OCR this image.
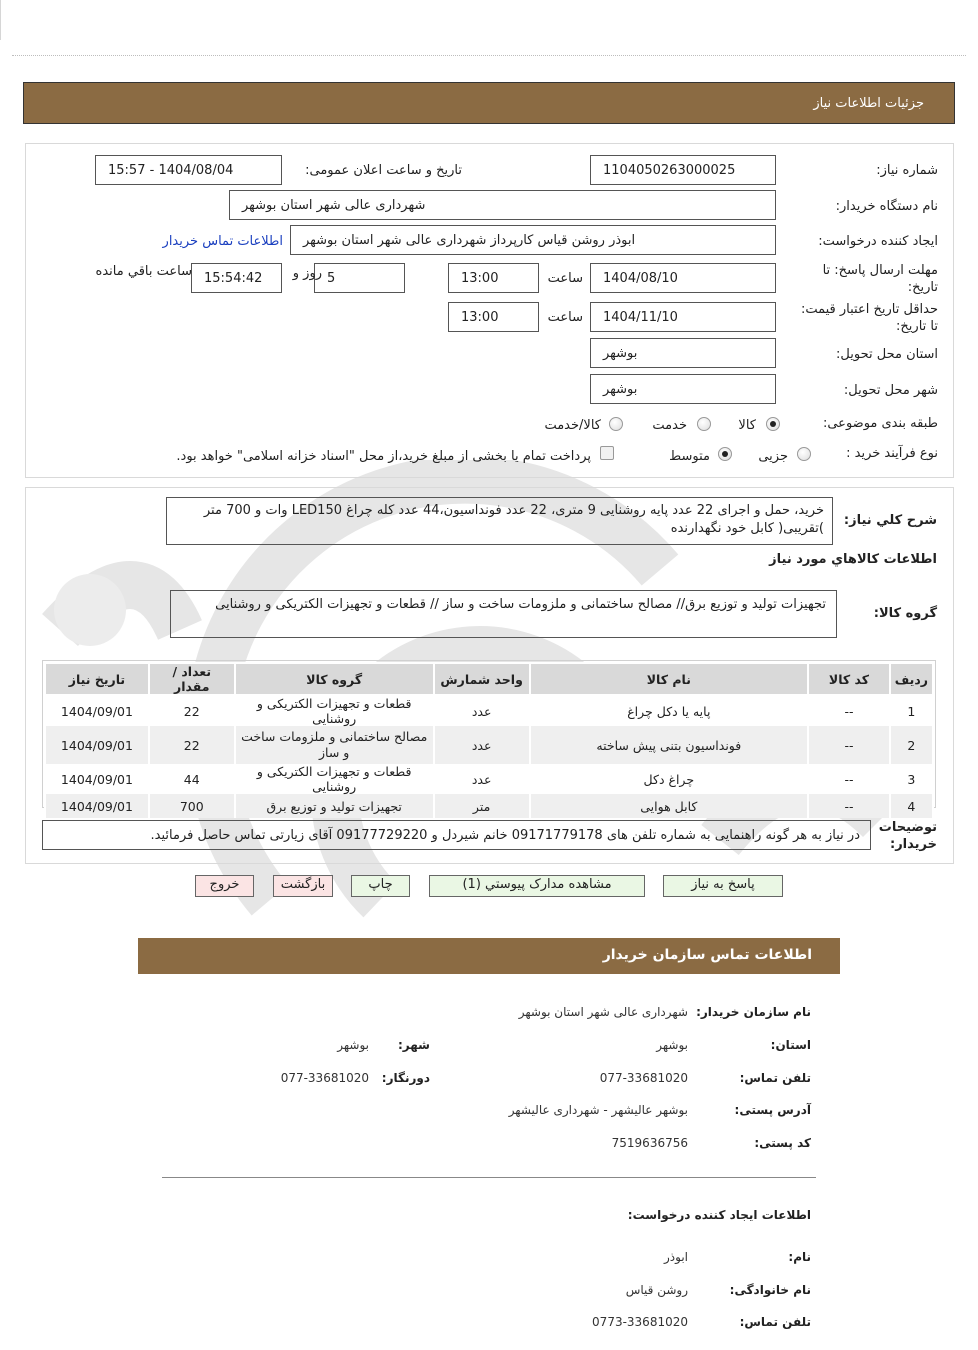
جزئیات اطلاعات نیاز
شماره نیاز:
1104050263000025
تاریخ و ساعت اعلان عمومی:
1404/08/04 - 15:57
نام دستگاه خریدار:
شهرداری عالی شهر استان بوشهر
ایجاد کننده درخواست:
ابوذر روشن قیاس کارپرداز شهرداری عالی شهر استان بوشهر
اطلاعات تماس خریدار
مهلت ارسال پاسخ: تا
تاریخ:
1404/08/10
ساعت
13:00
5
روز و
15:54:42
ساعت باقي مانده
حداقل تاریخ اعتبار قیمت:
تا تاریخ:
1404/11/10
ساعت
13:00
استان محل تحویل:
بوشهر
شهر محل تحویل:
بوشهر
طبقه بندی موضوعی:
کالا
خدمت
کالا/خدمت
نوع فرآیند خرید :
جزیی
متوسط
پرداخت تمام یا بخشی از مبلغ خرید،از محل "اسناد خزانه اسلامی" خواهد بود.
شرح کلي نیاز:
خرید، حمل و اجرای 22 عدد پایه روشنایی 9 متری، 22 عدد فونداسیون،44 عدد کله چراغ LED150 وات و 700 متر )تقریبی( کابل خود نگهدارنده
اطلاعات کالاهاي مورد نیاز
گروه کالا:
تجهیزات تولید و توزیع برق// مصالح ساختمانی و ملزومات ساخت و ساز // قطعات و تجهیزات الکتریکی و روشنایی
ردیف	کد کالا	نام کالا	واحد شمارش	گروه کالا	تعداد / مقدار	تاریخ نیاز
1	--	پایه یا دکل چراغ	عدد	قطعات و تجهیزات الکتریکی و روشنایی	22	1404/09/01
2	--	فونداسیون بتنی پیش ساخته	عدد	مصالح ساختمانی و ملزومات ساخت و ساز	22	1404/09/01
3	--	چراغ دکل	عدد	قطعات و تجهیزات الکتریکی و روشنایی	44	1404/09/01
4	--	کابل هوایی	متر	تجهیزات تولید و توزیع برق	700	1404/09/01
توضیحات
خریدار:
در نیاز به هر گونه راهنمایی به شماره تلفن های 09171779178 خانم شیردل و 09177729220 آقای زیارتی تماس حاصل فرمائید.
پاسخ به نیاز
مشاهده مدارک پیوستي (1)
چاپ
بازگشت
خروج
اطلاعات تماس سازمان خریدار
نام سازمان خریدار:
شهرداری عالی شهر استان بوشهر
استان:
بوشهر
شهر:
بوشهر
تلفن تماس:
077-33681020
دورنگار:
077-33681020
آدرس پستی:
بوشهر عالیشهر - شهرداری عالیشهر
کد پستی:
7519636756
اطلاعات ایجاد کننده درخواست:
نام:
ابوذر
نام خانوادگی:
روشن قیاس
تلفن تماس:
0773-33681020
